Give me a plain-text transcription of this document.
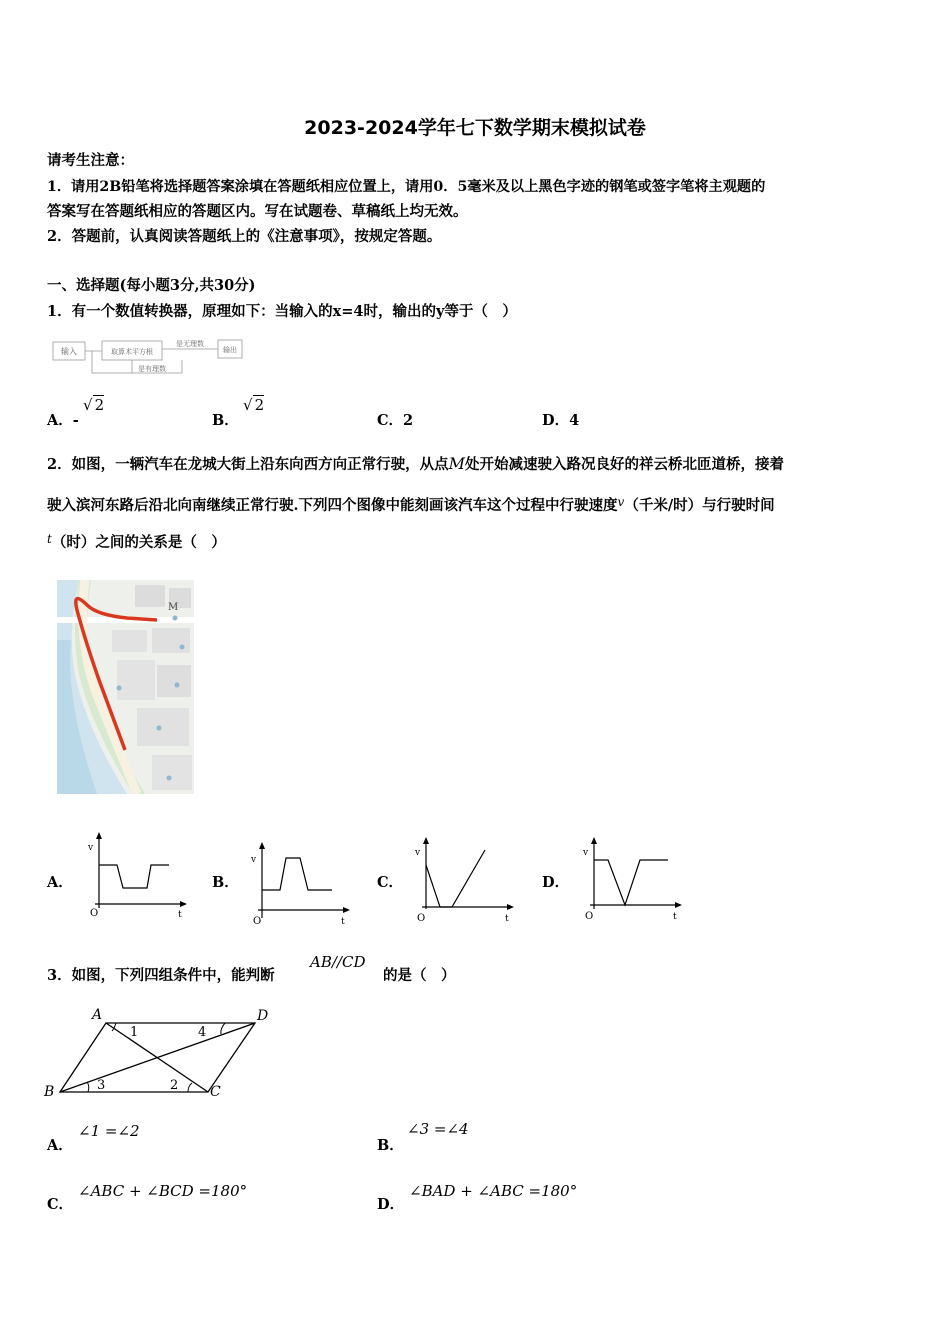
2023-2024学年七下数学期末模拟试卷
请考生注意：
1．请用2B铅笔将选择题答案涂填在答题纸相应位置上，请用0．5毫米及以上黑色字迹的钢笔或签字笔将主观题的
答案写在答题纸相应的答题区内。写在试题卷、草稿纸上均无效。
2．答题前，认真阅读答题纸上的《注意事项》，按规定答题。
一、选择题(每小题3分,共30分)
1．有一个数值转换器，原理如下：当输入的x=4时，输出的y等于（　）
输入	取算术平方根
是无理数
输出
是有理数
A．-
√ 2
B．
√ 2
C．2	D．4
2．如图，一辆汽车在龙城大街上沿东向西方向正常行驶，从点M处开始减速驶入路况良好的祥云桥北匝道桥，接着
驶入滨河东路后沿北向南继续正常行驶.下列四个图像中能刻画该汽车这个过程中行驶速度$^v$（千米/时）与行驶时间
$^t$（时）之间的关系是（　）
M
A．
v
O	t
B．
v
O	t
C．
v
O	t
D．
v
O	t
3．如图，下列四组条件中，能判断
AB//CD
的是（　）
A	D
B	C
1	4
3	2
A．
∠1 =∠2
B．
∠3 =∠4
C．
∠ABC + ∠BCD =180°
D．
∠BAD + ∠ABC =180°
